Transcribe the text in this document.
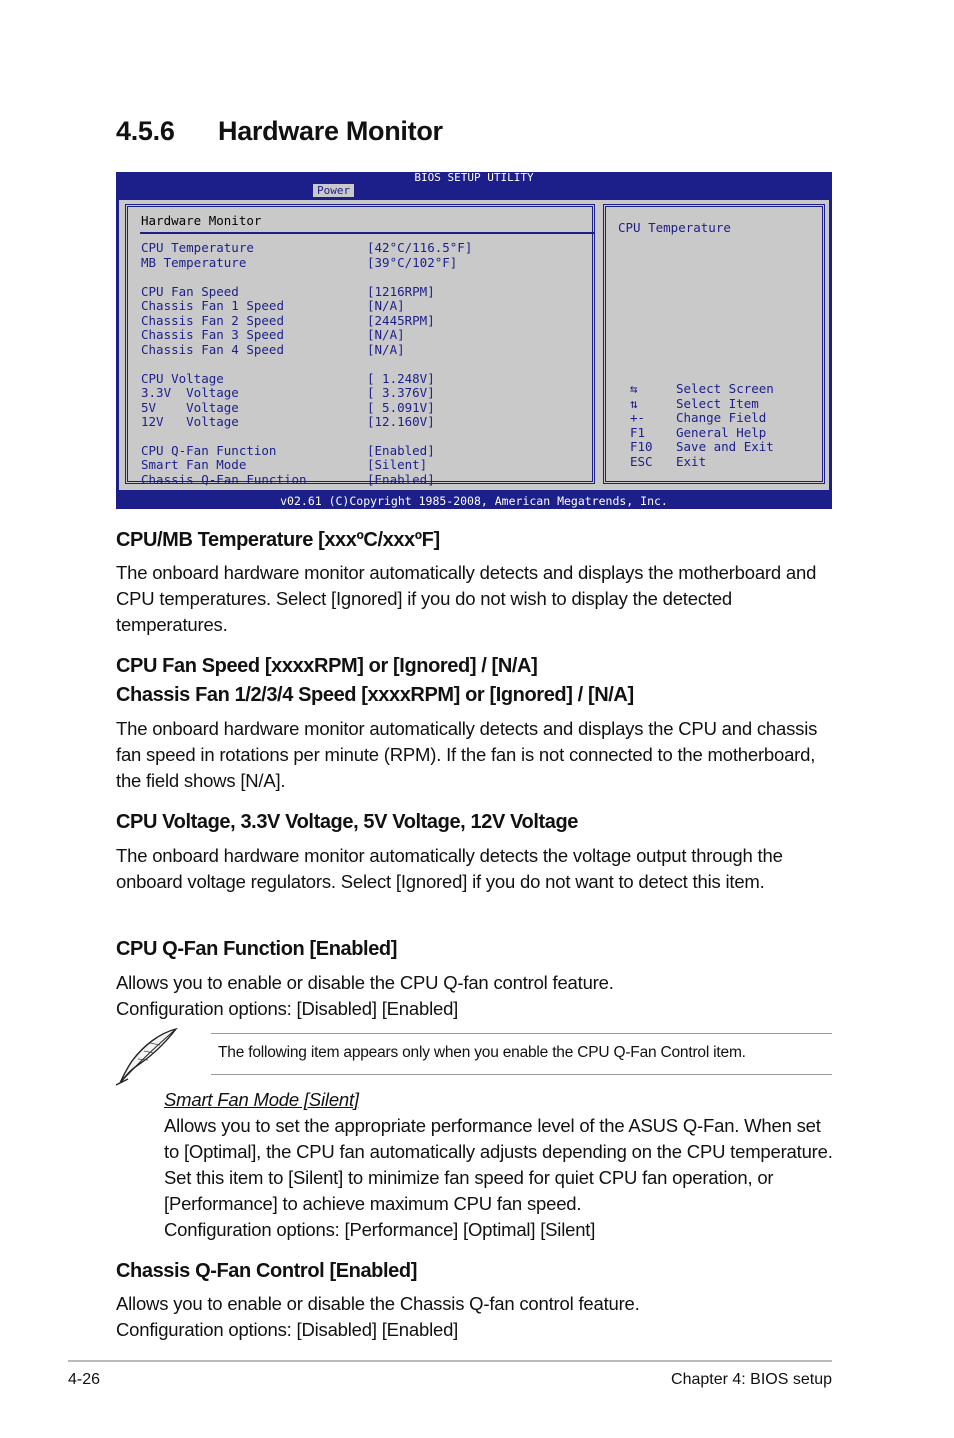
4.5.6 Hardware Monitor
BIOS SETUP UTILITY
Power
Hardware Monitor
CPU Temperature	[42°C/116.5°F]
MB Temperature	[39°C/102°F]
CPU Fan Speed	[1216RPM]
Chassis Fan 1 Speed	[N/A]
Chassis Fan 2 Speed	[2445RPM]
Chassis Fan 3 Speed	[N/A]
Chassis Fan 4 Speed	[N/A]
CPU Voltage	[ 1.248V]
3.3V  Voltage	[ 3.376V]
5V    Voltage	[ 5.091V]
12V   Voltage	[12.160V]
CPU Q-Fan Function	[Enabled]
Smart Fan Mode	[Silent]
Chassis Q-Fan Function	[Enabled]
CPU Temperature
⇆	Select Screen
⇅	Select Item
+- Change Field
F1 General Help
F10 Save and Exit
ESC Exit
v02.61 (C)Copyright 1985-2008, American Megatrends, Inc.
CPU/MB Temperature [xxxºC/xxxºF]

The onboard hardware monitor automatically detects and displays the motherboard and CPU temperatures. Select [Ignored] if you do not wish to display the detected temperatures.

CPU Fan Speed [xxxxRPM] or [Ignored] / [N/A]
Chassis Fan 1/2/3/4 Speed [xxxxRPM] or [Ignored] / [N/A]

The onboard hardware monitor automatically detects and displays the CPU and chassis fan speed in rotations per minute (RPM). If the fan is not connected to the motherboard, the field shows [N/A].

CPU Voltage, 3.3V Voltage, 5V Voltage, 12V Voltage

The onboard hardware monitor automatically detects the voltage output through the onboard voltage regulators. Select [Ignored] if you do not want to detect this item.

CPU Q-Fan Function [Enabled]

Allows you to enable or disable the CPU Q-fan control feature.

Configuration options: [Disabled] [Enabled]

The following item appears only when you enable the CPU Q-Fan Control item.
Smart Fan Mode [Silent]

Allows you to set the appropriate performance level of the ASUS Q-Fan. When set to [Optimal], the CPU fan automatically adjusts depending on the CPU temperature. Set this item to [Silent] to minimize fan speed for quiet CPU fan operation, or [Performance] to achieve maximum CPU fan speed.

Configuration options: [Performance] [Optimal] [Silent]

Chassis Q-Fan Control [Enabled]

Allows you to enable or disable the Chassis Q-fan control feature.

Configuration options: [Disabled] [Enabled]

4-26	Chapter 4: BIOS setup
